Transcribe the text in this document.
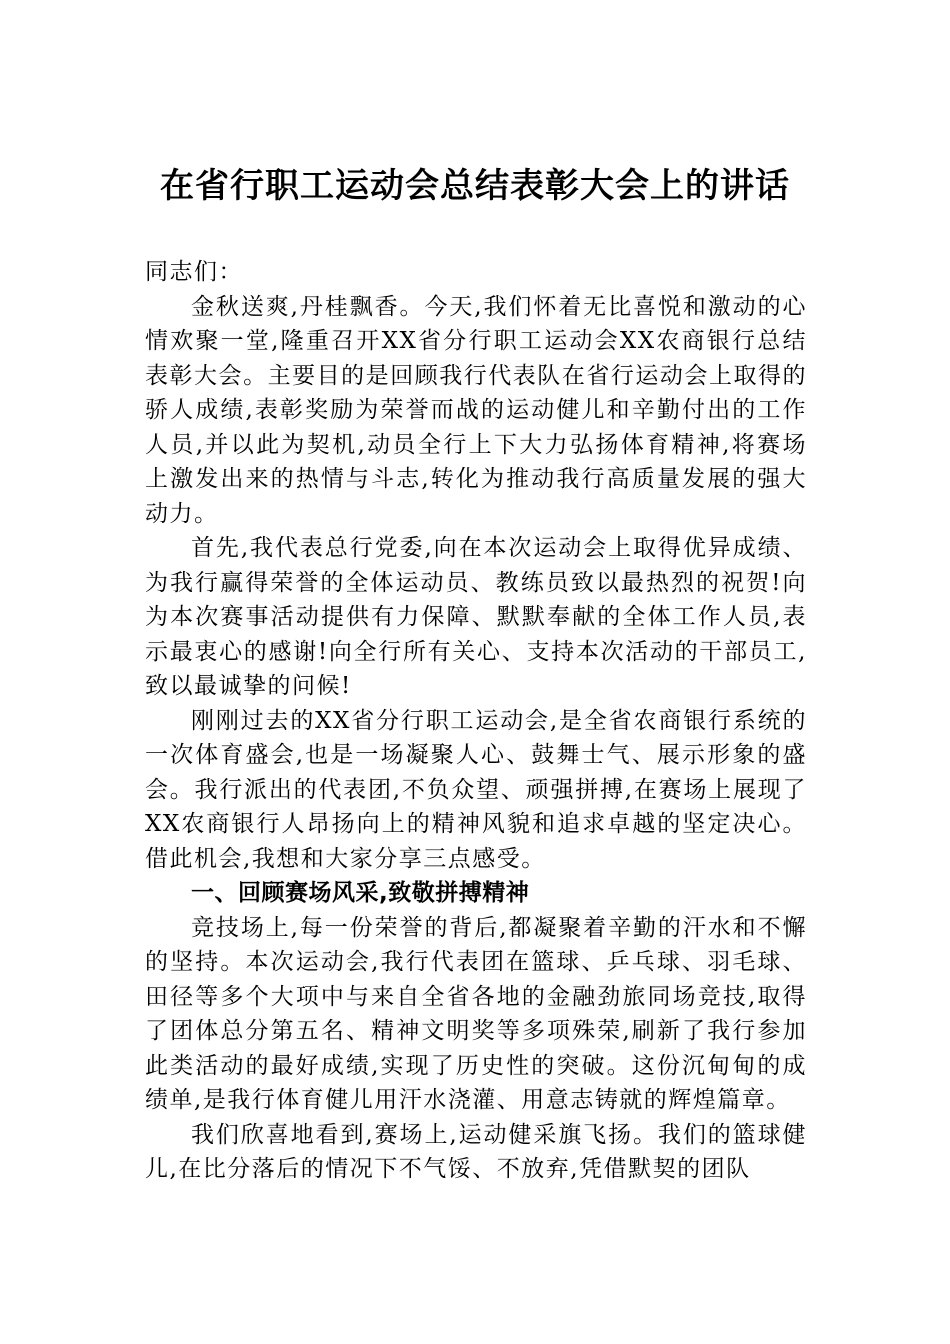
在省行职工运动会总结表彰大会上的讲话

同志们：

金秋送爽,丹桂飘香。今天,我们怀着无比喜悦和激动的心情欢聚一堂,隆重召开XX省分行职工运动会XX农商银行总结表彰大会。主要目的是回顾我行代表队在省行运动会上取得的骄人成绩,表彰奖励为荣誉而战的运动健儿和辛勤付出的工作人员,并以此为契机,动员全行上下大力弘扬体育精神,将赛场上激发出来的热情与斗志,转化为推动我行高质量发展的强大动力。

首先,我代表总行党委,向在本次运动会上取得优异成绩、为我行赢得荣誉的全体运动员、教练员致以最热烈的祝贺!向为本次赛事活动提供有力保障、默默奉献的全体工作人员,表示最衷心的感谢!向全行所有关心、支持本次活动的干部员工,致以最诚挚的问候!

刚刚过去的XX省分行职工运动会,是全省农商银行系统的一次体育盛会,也是一场凝聚人心、鼓舞士气、展示形象的盛会。我行派出的代表团,不负众望、顽强拼搏,在赛场上展现了XX农商银行人昂扬向上的精神风貌和追求卓越的坚定决心。借此机会,我想和大家分享三点感受。

一、回顾赛场风采,致敬拼搏精神

竞技场上,每一份荣誉的背后,都凝聚着辛勤的汗水和不懈的坚持。本次运动会,我行代表团在篮球、乒乓球、羽毛球、田径等多个大项中与来自全省各地的金融劲旅同场竞技,取得了团体总分第五名、精神文明奖等多项殊荣,刷新了我行参加此类活动的最好成绩,实现了历史性的突破。这份沉甸甸的成绩单,是我行体育健儿用汗水浇灌、用意志铸就的辉煌篇章。

我们欣喜地看到,赛场上,运动健采旗飞扬。我们的篮球健儿,在比分落后的情况下不气馁、不放弃,凭借默契的团队
